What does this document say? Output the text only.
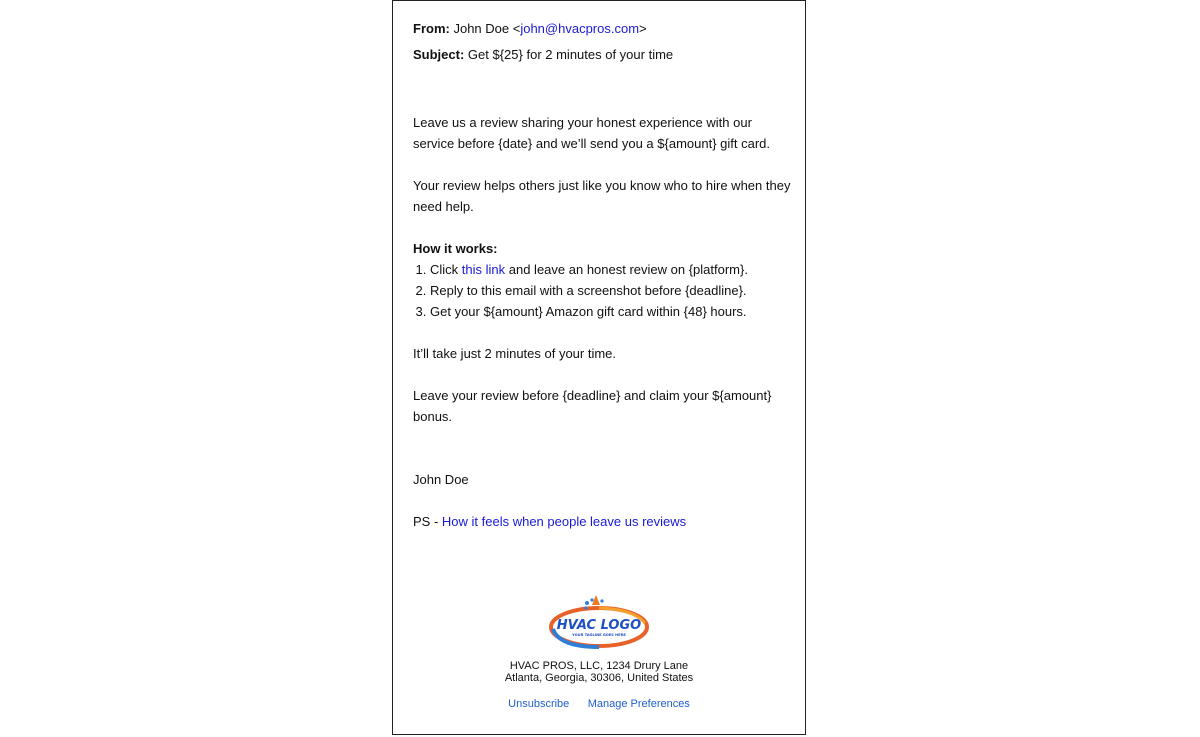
From: John Doe <john@hvacpros.com>

Subject: Get ${25} for 2 minutes of your time

Leave us a review sharing your honest experience with our service before {date} and we’ll send you a ${amount} gift card.

Your review helps others just like you know who to hire when they need help.

How it works:

1. Click this link and leave an honest review on {platform}.
2. Reply to this email with a screenshot before {deadline}.
3. Get your ${amount} Amazon gift card within {48} hours.

It’ll take just 2 minutes of your time.

Leave your review before {deadline} and claim your ${amount} bonus.

John Doe

PS - How it feels when people leave us reviews

HVAC LOGO
YOUR TAGLINE GOES HERE
HVAC PROS, LLC, 1234 Drury Lane
Atlanta, Georgia, 30306, United States
Unsubscribe Manage Preferences
